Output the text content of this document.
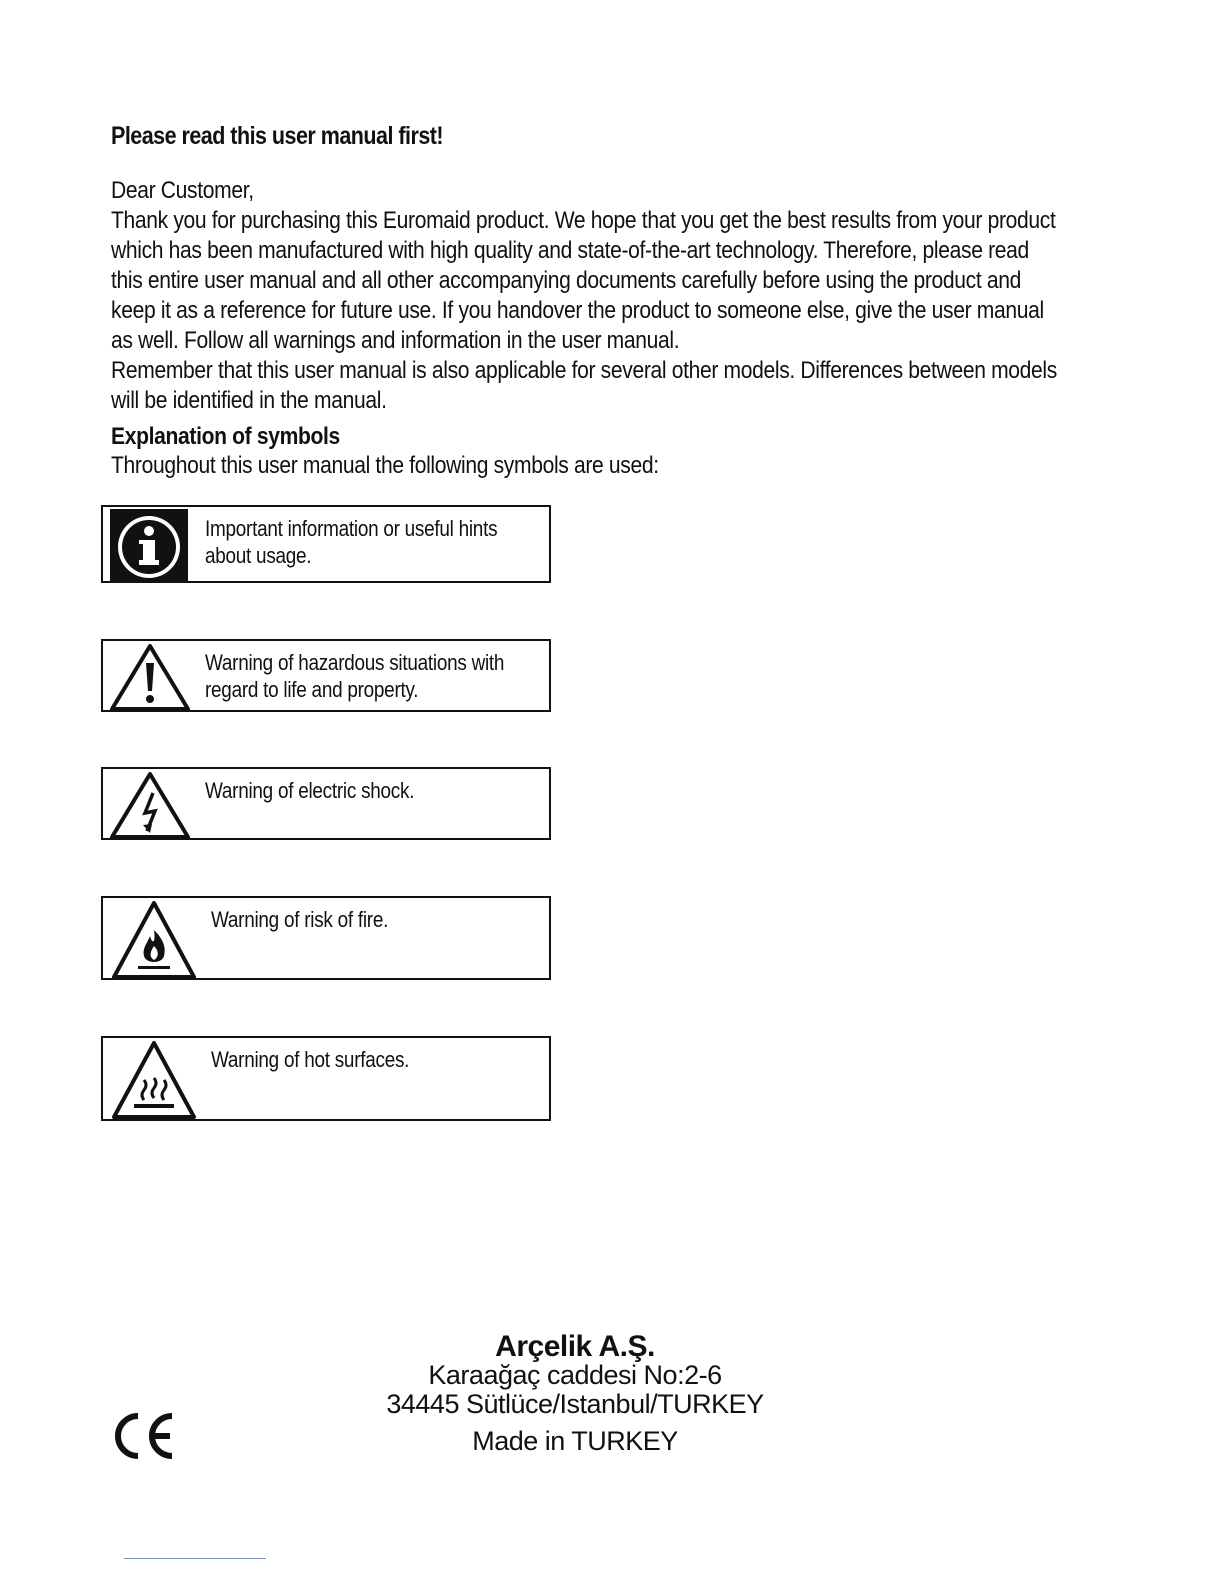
Please read this user manual first!

Dear Customer,

Thank you for purchasing this Euromaid product. We hope that you get the best results from your product

which has been manufactured with high quality and state-of-the-art technology. Therefore, please read

this entire user manual and all other accompanying documents carefully before using the product and

keep it as a reference for future use. If you handover the product to someone else, give the user manual

as well. Follow all warnings and information in the user manual.

Remember that this user manual is also applicable for several other models. Differences between models

will be identified in the manual.

Explanation of symbols
Throughout this user manual the following symbols are used:
Important information or useful hints
about usage.
Warning of hazardous situations with
regard to life and property.
Warning of electric shock.
Warning of risk of fire.
Warning of hot surfaces.
Arçelik A.Ş.
Karaağaç caddesi No:2-6
34445 Sütlüce/Istanbul/TURKEY
Made in TURKEY
